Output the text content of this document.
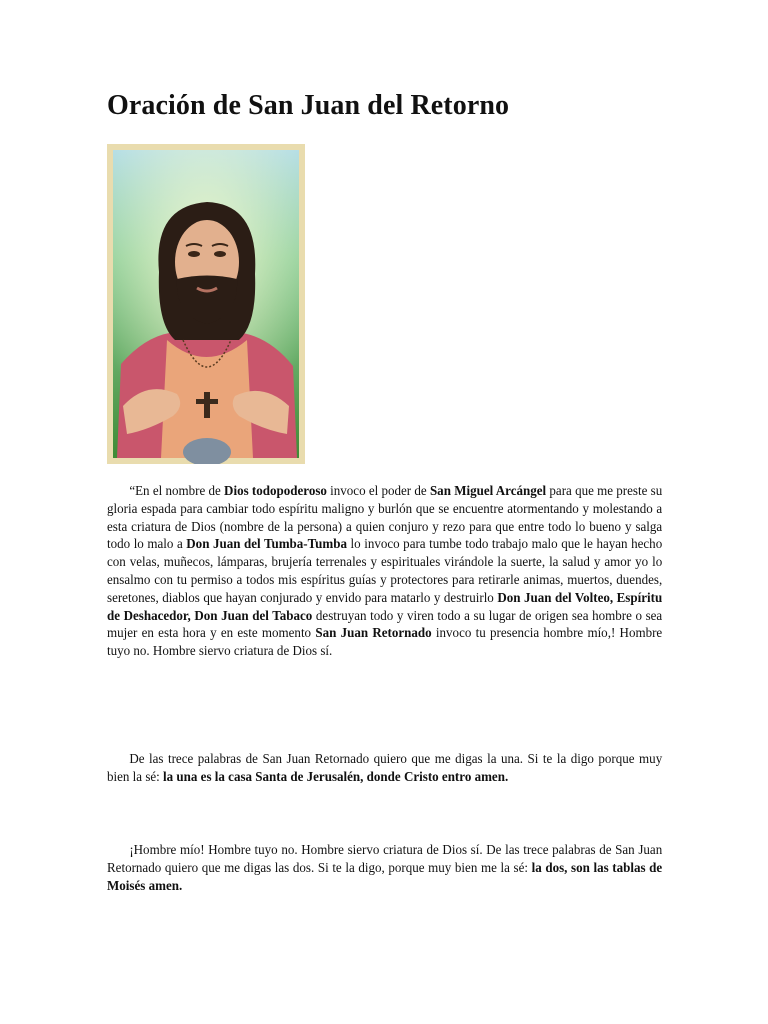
Oración de San Juan del Retorno

“En el nombre de Dios todopoderoso invoco el poder de San Miguel Arcángel para que me preste su gloria espada para cambiar todo espíritu maligno y burlón que se encuentre atormentando y molestando a esta criatura de Dios (nombre de la persona) a quien conjuro y rezo para que entre todo lo bueno y salga todo lo malo a Don Juan del Tumba-Tumba lo invoco para tumbe todo trabajo malo que le hayan hecho con velas, muñecos, lámparas, brujería terrenales y espirituales virándole la suerte, la salud y amor yo lo ensalmo con tu permiso a todos mis espíritus guías y protectores para retirarle animas, muertos, duendes, seretones, diablos que hayan conjurado y envido para matarlo y destruirlo Don Juan del Volteo, Espíritu de Deshacedor, Don Juan del Tabaco destruyan todo y viren todo a su lugar de origen sea hombre o sea mujer en esta hora y en este momento San Juan Retornado invoco tu presencia hombre mío,! Hombre tuyo no. Hombre siervo criatura de Dios sí.

De las trece palabras de San Juan Retornado quiero que me digas la una. Si te la digo porque muy bien la sé: la una es la casa Santa de Jerusalén, donde Cristo entro amen.

¡Hombre mío! Hombre tuyo no. Hombre siervo criatura de Dios sí. De las trece palabras de San Juan Retornado quiero que me digas las dos. Si te la digo, porque muy bien me la sé: la dos, son las tablas de Moisés amen.
